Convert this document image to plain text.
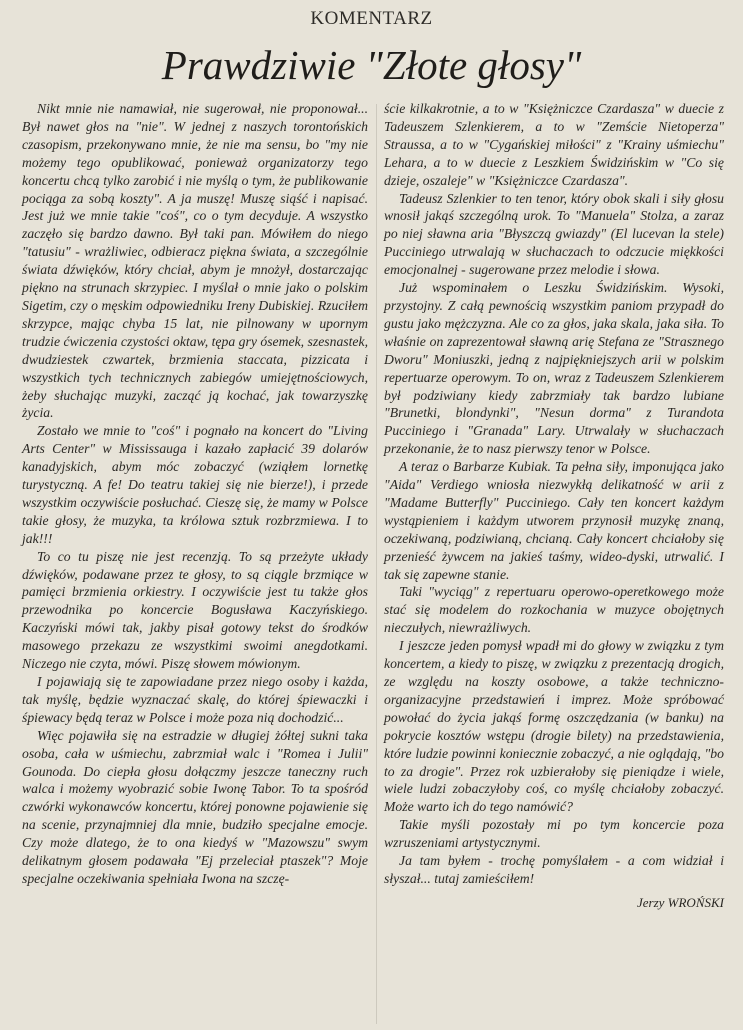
KOMENTARZ
Prawdziwie "Złote głosy"

Nikt mnie nie namawiał, nie sugerował, nie proponował... Był nawet głos na "nie". W jednej z naszych torontońskich czasopism, przekonywano mnie, że nie ma sensu, bo "my nie możemy tego opublikować, ponieważ organizatorzy tego koncertu chcą tylko zarobić i nie myślą o tym, że publikowanie pociąga za sobą koszty". A ja muszę! Muszę siąść i napisać. Jest już we mnie takie "coś", co o tym decyduje. A wszystko zaczęło się bardzo dawno. Był taki pan. Mówiłem do niego "tatusiu" - wrażliwiec, odbieracz piękna świata, a szczególnie świata dźwięków, który chciał, abym je mnożył, dostarczając piękno na strunach skrzypiec. I myślał o mnie jako o polskim Sigetim, czy o męskim odpowiedniku Ireny Dubiskiej. Rzuciłem skrzypce, mając chyba 15 lat, nie pilnowany w upornym trudzie ćwiczenia czystości oktaw, tępa gry ósemek, szesnastek, dwudziestek czwartek, brzmienia staccata, pizzicata i wszystkich tych technicznych zabiegów umiejętnościowych, żeby słuchając muzyki, zacząć ją kochać, jak towarzyszkę życia.

Zostało we mnie to "coś" i pognało na koncert do "Living Arts Center" w Mississauga i kazało zapłacić 39 dolarów kanadyjskich, abym móc zobaczyć (wziąłem lornetkę turystyczną. A fe! Do teatru takiej się nie bierze!), i przede wszystkim oczywiście posłuchać. Cieszę się, że mamy w Polsce takie głosy, że muzyka, ta królowa sztuk rozbrzmiewa. I to jak!!!

To co tu piszę nie jest recenzją. To są przeżyte układy dźwięków, podawane przez te głosy, to są ciągle brzmiące w pamięci brzmienia orkiestry. I oczywiście jest tu także głos przewodnika po koncercie Bogusława Kaczyńskiego. Kaczyński mówi tak, jakby pisał gotowy tekst do środków masowego przekazu ze wszystkimi swoimi anegdotkami. Niczego nie czyta, mówi. Piszę słowem mówionym.

I pojawiają się te zapowiadane przez niego osoby i każda, tak myślę, będzie wyznaczać skalę, do której śpiewaczki i śpiewacy będą teraz w Polsce i może poza nią dochodzić...

Więc pojawiła się na estradzie w długiej żółtej sukni taka osoba, cała w uśmiechu, zabrzmiał walc i "Romea i Julii" Gounoda. Do ciepła głosu dołączmy jeszcze taneczny ruch walca i możemy wyobrazić sobie Iwonę Tabor. To ta spośród czwórki wykonawców koncertu, której ponowne pojawienie się na scenie, przynajmniej dla mnie, budziło specjalne emocje. Czy może dlatego, że to ona kiedyś w "Mazowszu" swym delikatnym głosem podawała "Ej przeleciał ptaszek"? Moje specjalne oczekiwania spełniała Iwona na szczę-

ście kilkakrotnie, a to w "Księżniczce Czardasza" w duecie z Tadeuszem Szlenkierem, a to w "Zemście Nietoperza" Straussa, a to w "Cygańskiej miłości" z "Krainy uśmiechu" Lehara, a to w duecie z Leszkiem Świdzińskim w "Co się dzieje, oszaleje" w "Księżniczce Czardasza".

Tadeusz Szlenkier to ten tenor, który obok skali i siły głosu wnosił jakąś szczególną urok. To "Manuela" Stolza, a zaraz po niej sławna aria "Błyszczą gwiazdy" (El lucevan la stele) Pucciniego utrwalają w słuchaczach to odczucie miękkości emocjonalnej - sugerowane przez melodie i słowa.

Już wspominałem o Leszku Świdzińskim. Wysoki, przystojny. Z całą pewnością wszystkim paniom przypadł do gustu jako mężczyzna. Ale co za głos, jaka skala, jaka siła. To właśnie on zaprezentował sławną arię Stefana ze "Strasznego Dworu" Moniuszki, jedną z najpiękniejszych arii w polskim repertuarze operowym. To on, wraz z Tadeuszem Szlenkierem był podziwiany kiedy zabrzmiały tak bardzo lubiane "Brunetki, blondynki", "Nesun dorma" z Turandota Pucciniego i "Granada" Lary. Utrwalały w słuchaczach przekonanie, że to nasz pierwszy tenor w Polsce.

A teraz o Barbarze Kubiak. Ta pełna siły, imponująca jako "Aida" Verdiego wniosła niezwykłą delikatność w arii z "Madame Butterfly" Pucciniego. Cały ten koncert każdym wystąpieniem i każdym utworem przynosił muzykę znaną, oczekiwaną, podziwianą, chcianą. Cały koncert chciałoby się przenieść żywcem na jakieś taśmy, wideo-dyski, utrwalić. I tak się zapewne stanie.

Taki "wyciąg" z repertuaru operowo-operetkowego może stać się modelem do rozkochania w muzyce obojętnych nieczułych, niewrażliwych.

I jeszcze jeden pomysł wpadł mi do głowy w związku z tym koncertem, a kiedy to piszę, w związku z prezentacją drogich, ze względu na koszty osobowe, a także techniczno-organizacyjne przedstawień i imprez. Może spróbować powołać do życia jakąś formę oszczędzania (w banku) na pokrycie kosztów wstępu (drogie bilety) na przedstawienia, które ludzie powinni koniecznie zobaczyć, a nie oglądają, "bo to za drogie". Przez rok uzbierałoby się pieniądze i wiele, wiele ludzi zobaczyłoby coś, co myślę chciałoby zobaczyć. Może warto ich do tego namówić?

Takie myśli pozostały mi po tym koncercie poza wzruszeniami artystycznymi.

Ja tam byłem - trochę pomyślałem - a com widział i słyszał... tutaj zamieściłem!

Jerzy WROŃSKI
